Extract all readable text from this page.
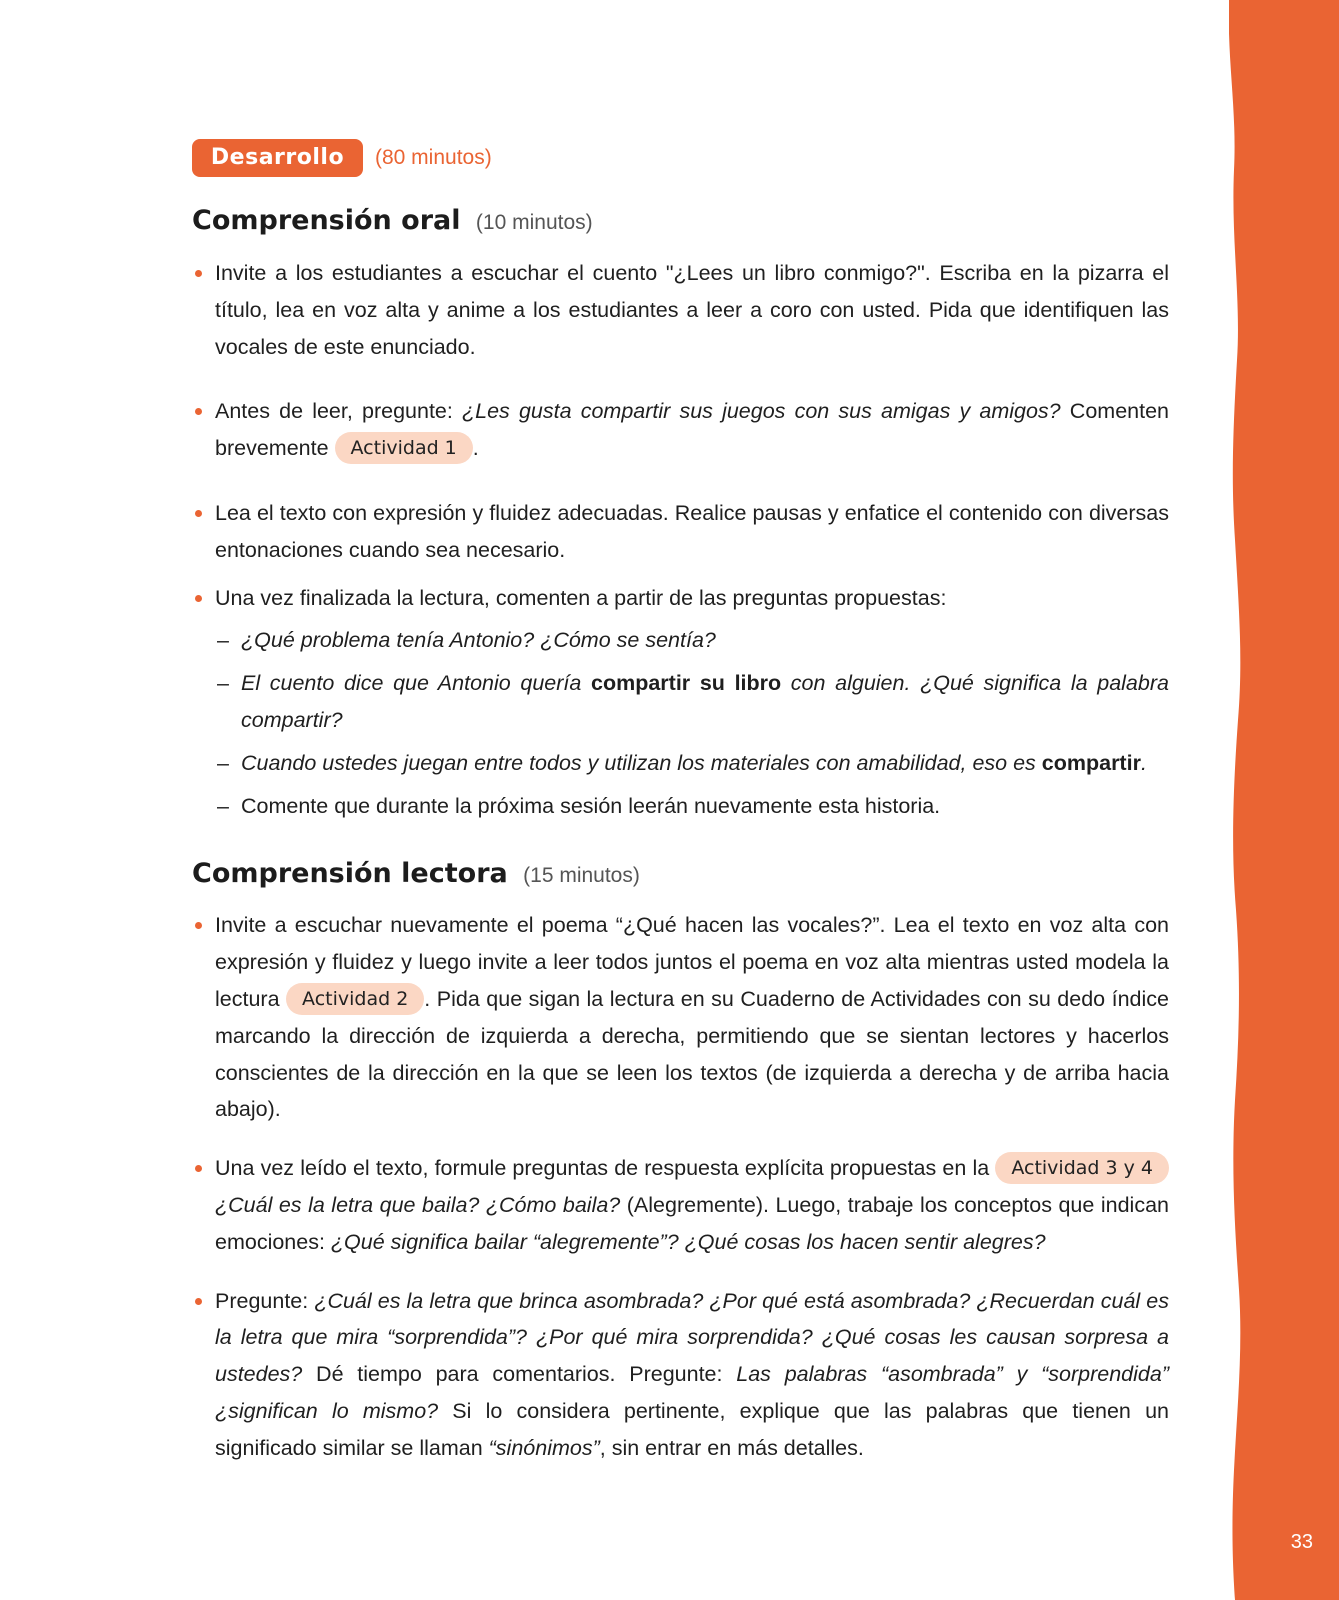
33
Desarrollo	(80 minutos)
Comprensión oral (10 minutos)
Invite a los estudiantes a escuchar el cuento "¿Lees un libro conmigo?". Escriba en la pizarra el título, lea en voz alta y anime a los estudiantes a leer a coro con usted. Pida que identifiquen las vocales de este enunciado.
Antes de leer, pregunte: ¿Les gusta compartir sus juegos con sus amigas y amigos? Comenten brevemente Actividad 1 .
Lea el texto con expresión y fluidez adecuadas. Realice pausas y enfatice el contenido con diversas entonaciones cuando sea necesario.
Una vez finalizada la lectura, comenten a partir de las preguntas propuestas:
– ¿Qué problema tenía Antonio? ¿Cómo se sentía?
– El cuento dice que Antonio quería compartir su libro con alguien. ¿Qué significa la palabra compartir?
– Cuando ustedes juegan entre todos y utilizan los materiales con amabilidad, eso es compartir.
– Comente que durante la próxima sesión leerán nuevamente esta historia.
Comprensión lectora (15 minutos)
Invite a escuchar nuevamente el poema “¿Qué hacen las vocales?”. Lea el texto en voz alta con expresión y fluidez y luego invite a leer todos juntos el poema en voz alta mientras usted modela la lectura Actividad 2 . Pida que sigan la lectura en su Cuaderno de Actividades con su dedo índice marcando la dirección de izquierda a derecha, permitiendo que se sientan lectores y hacerlos conscientes de la dirección en la que se leen los textos (de izquierda a derecha y de arriba hacia abajo).
Una vez leído el texto, formule preguntas de respuesta explícita propuestas en la Actividad 3 y 4
¿Cuál es la letra que baila? ¿Cómo baila? (Alegremente). Luego, trabaje los conceptos que indican emociones: ¿Qué significa bailar “alegremente”? ¿Qué cosas los hacen sentir alegres?
Pregunte: ¿Cuál es la letra que brinca asombrada? ¿Por qué está asombrada? ¿Recuerdan cuál es la letra que mira “sorprendida”? ¿Por qué mira sorprendida? ¿Qué cosas les causan sorpresa a ustedes? Dé tiempo para comentarios. Pregunte: Las palabras “asombrada” y “sorprendida” ¿significan lo mismo? Si lo considera pertinente, explique que las palabras que tienen un significado similar se llaman “sinónimos”, sin entrar en más detalles.
